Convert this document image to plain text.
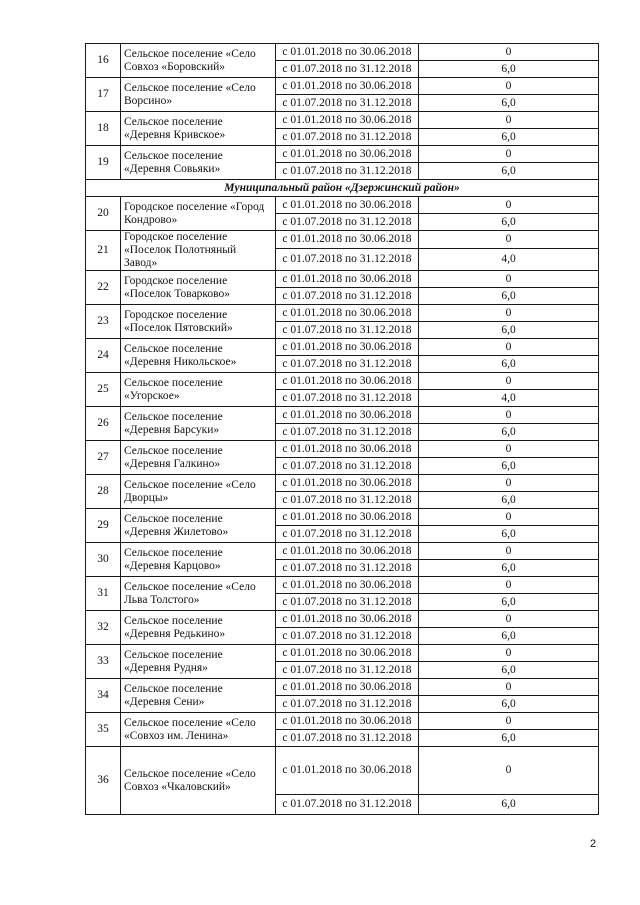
16	Сельское поселение «Село Совхоз «Боровский»	с 01.01.2018 по 30.06.2018	0
		с 01.07.2018 по 31.12.2018	6,0
17	Сельское поселение «Село Ворсино»	с 01.01.2018 по 30.06.2018	0
		с 01.07.2018 по 31.12.2018	6,0
18	Сельское поселение «Деревня Кривское»	с 01.01.2018 по 30.06.2018	0
		с 01.07.2018 по 31.12.2018	6,0
19	Сельское поселение «Деревня Совьяки»	с 01.01.2018 по 30.06.2018	0
		с 01.07.2018 по 31.12.2018	6,0
Муниципальный район «Дзержинский район»			
20	Городское поселение «Город Кондрово»	с 01.01.2018 по 30.06.2018	0
		с 01.07.2018 по 31.12.2018	6,0
21	Городское поселение «Поселок Полотняный Завод»	с 01.01.2018 по 30.06.2018	0
		с 01.07.2018 по 31.12.2018	4,0
22	Городское поселение «Поселок Товарково»	с 01.01.2018 по 30.06.2018	0
		с 01.07.2018 по 31.12.2018	6,0
23	Городское поселение «Поселок Пятовский»	с 01.01.2018 по 30.06.2018	0
		с 01.07.2018 по 31.12.2018	6,0
24	Сельское поселение «Деревня Никольское»	с 01.01.2018 по 30.06.2018	0
		с 01.07.2018 по 31.12.2018	6,0
25	Сельское поселение «Угорское»	с 01.01.2018 по 30.06.2018	0
		с 01.07.2018 по 31.12.2018	4,0
26	Сельское поселение «Деревня Барсуки»	с 01.01.2018 по 30.06.2018	0
		с 01.07.2018 по 31.12.2018	6,0
27	Сельское поселение «Деревня Галкино»	с 01.01.2018 по 30.06.2018	0
		с 01.07.2018 по 31.12.2018	6,0
28	Сельское поселение «Село Дворцы»	с 01.01.2018 по 30.06.2018	0
		с 01.07.2018 по 31.12.2018	6,0
29	Сельское поселение «Деревня Жилетово»	с 01.01.2018 по 30.06.2018	0
		с 01.07.2018 по 31.12.2018	6,0
30	Сельское поселение «Деревня Карцово»	с 01.01.2018 по 30.06.2018	0
		с 01.07.2018 по 31.12.2018	6,0
31	Сельское поселение «Село Льва Толстого»	с 01.01.2018 по 30.06.2018	0
		с 01.07.2018 по 31.12.2018	6,0
32	Сельское поселение «Деревня Редькино»	с 01.01.2018 по 30.06.2018	0
		с 01.07.2018 по 31.12.2018	6,0
33	Сельское поселение «Деревня Рудня»	с 01.01.2018 по 30.06.2018	0
		с 01.07.2018 по 31.12.2018	6,0
34	Сельское поселение «Деревня Сени»	с 01.01.2018 по 30.06.2018	0
		с 01.07.2018 по 31.12.2018	6,0
35	Сельское поселение «Село «Совхоз им. Ленина»	с 01.01.2018 по 30.06.2018	0
		с 01.07.2018 по 31.12.2018	6,0
36	Сельское поселение «Село Совхоз «Чкаловский»	с 01.01.2018 по 30.06.2018	0
		с 01.07.2018 по 31.12.2018	6,0
2
